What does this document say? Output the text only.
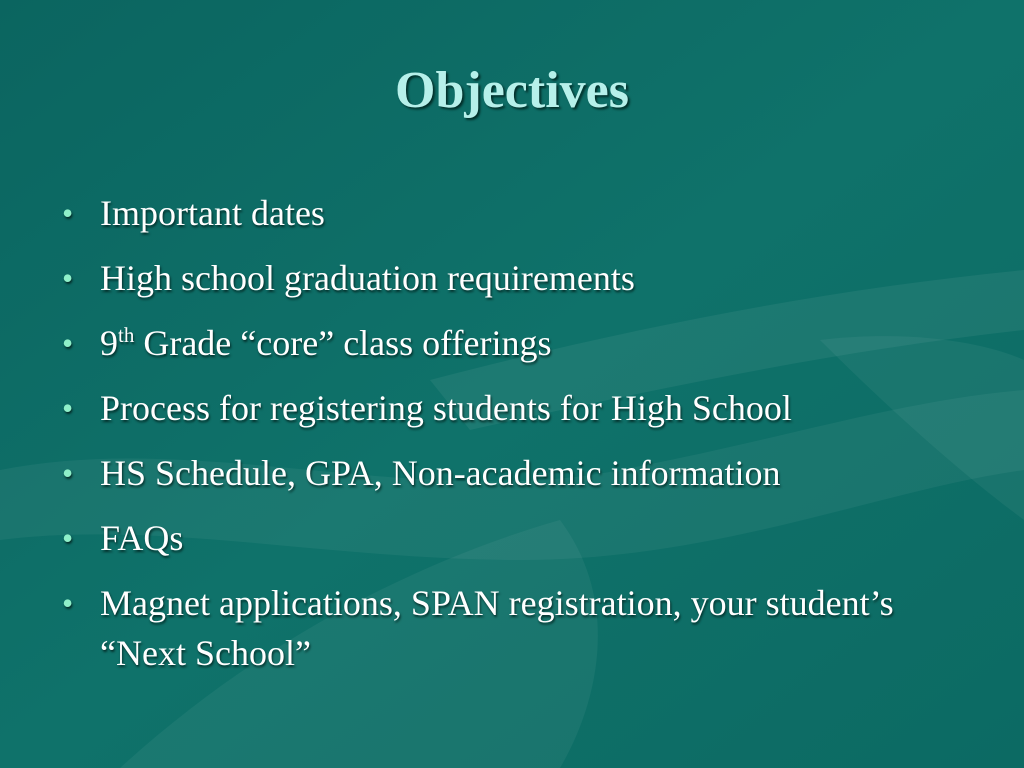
Objectives
• Important dates
• High school graduation requirements
• 9th Grade “core” class offerings
• Process for registering students for High School
• HS Schedule, GPA, Non-academic information
• FAQs
• Magnet applications, SPAN registration, your student’s “Next School”
